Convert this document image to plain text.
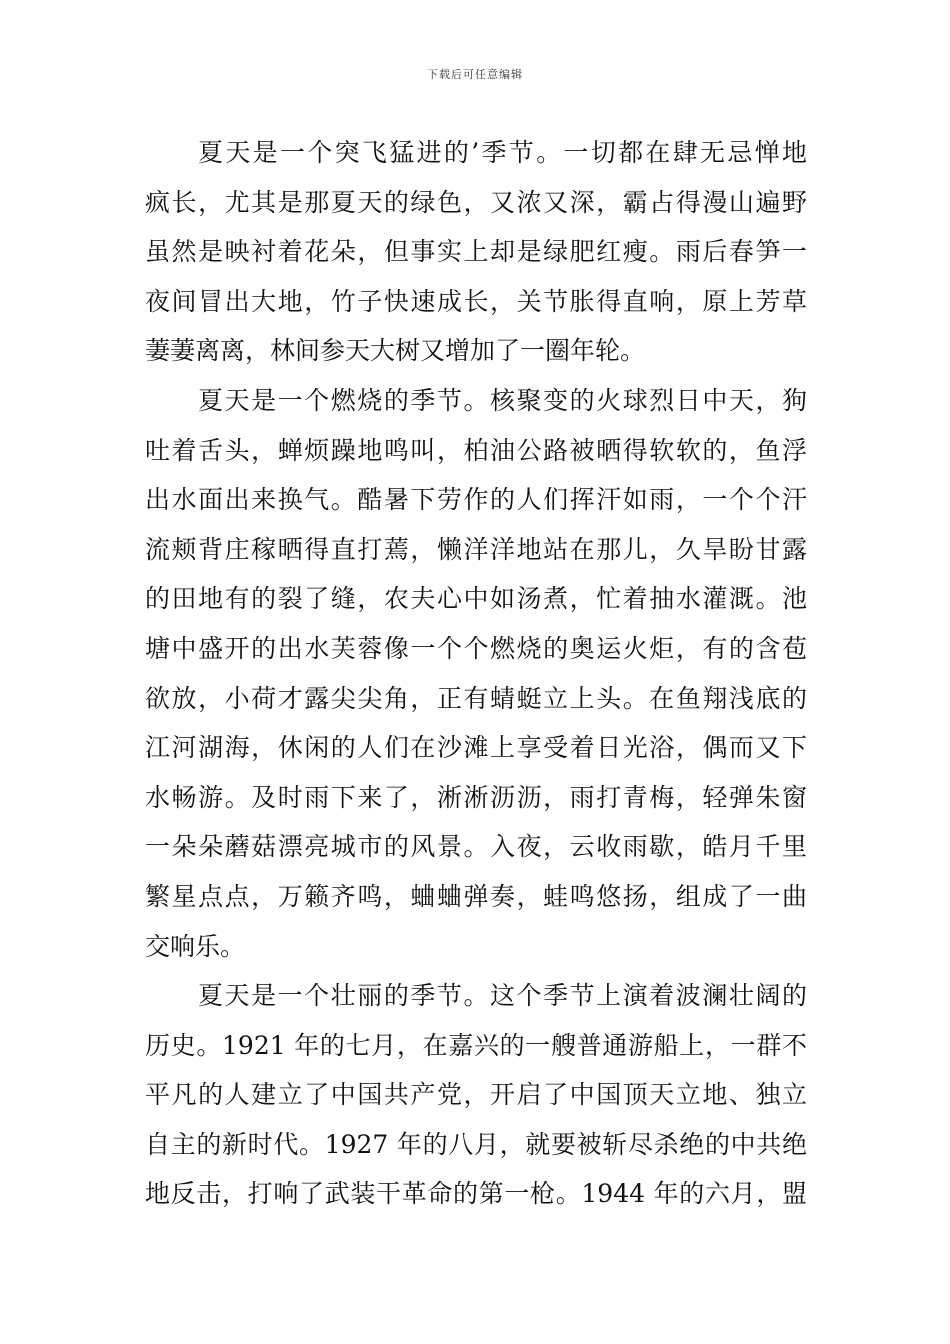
下载后可任意编辑
夏天是一个突飞猛进的’季节。一切都在肆无忌惮地
疯长，尤其是那夏天的绿色，又浓又深，霸占得漫山遍野
虽然是映衬着花朵，但事实上却是绿肥红瘦。雨后春笋一
夜间冒出大地，竹子快速成长，关节胀得直响，原上芳草
萋萋离离，林间参天大树又增加了一圈年轮。
夏天是一个燃烧的季节。核聚变的火球烈日中天，狗
吐着舌头，蝉烦躁地鸣叫，柏油公路被晒得软软的，鱼浮
出水面出来换气。酷暑下劳作的人们挥汗如雨，一个个汗
流颊背庄稼晒得直打蔫，懒洋洋地站在那儿，久旱盼甘露
的田地有的裂了缝，农夫心中如汤煮，忙着抽水灌溉。池
塘中盛开的出水芙蓉像一个个燃烧的奥运火炬，有的含苞
欲放，小荷才露尖尖角，正有蜻蜓立上头。在鱼翔浅底的
江河湖海，休闲的人们在沙滩上享受着日光浴，偶而又下
水畅游。及时雨下来了，淅淅沥沥，雨打青梅，轻弹朱窗
一朵朵蘑菇漂亮城市的风景。入夜，云收雨歇，皓月千里
繁星点点，万籁齐鸣，蛐蛐弹奏，蛙鸣悠扬，组成了一曲
交响乐。
夏天是一个壮丽的季节。这个季节上演着波澜壮阔的
历史。1921 年的七月，在嘉兴的一艘普通游船上，一群不
平凡的人建立了中国共产党，开启了中国顶天立地、独立
自主的新时代。1927 年的八月，就要被斩尽杀绝的中共绝
地反击，打响了武装干革命的第一枪。1944 年的六月，盟
